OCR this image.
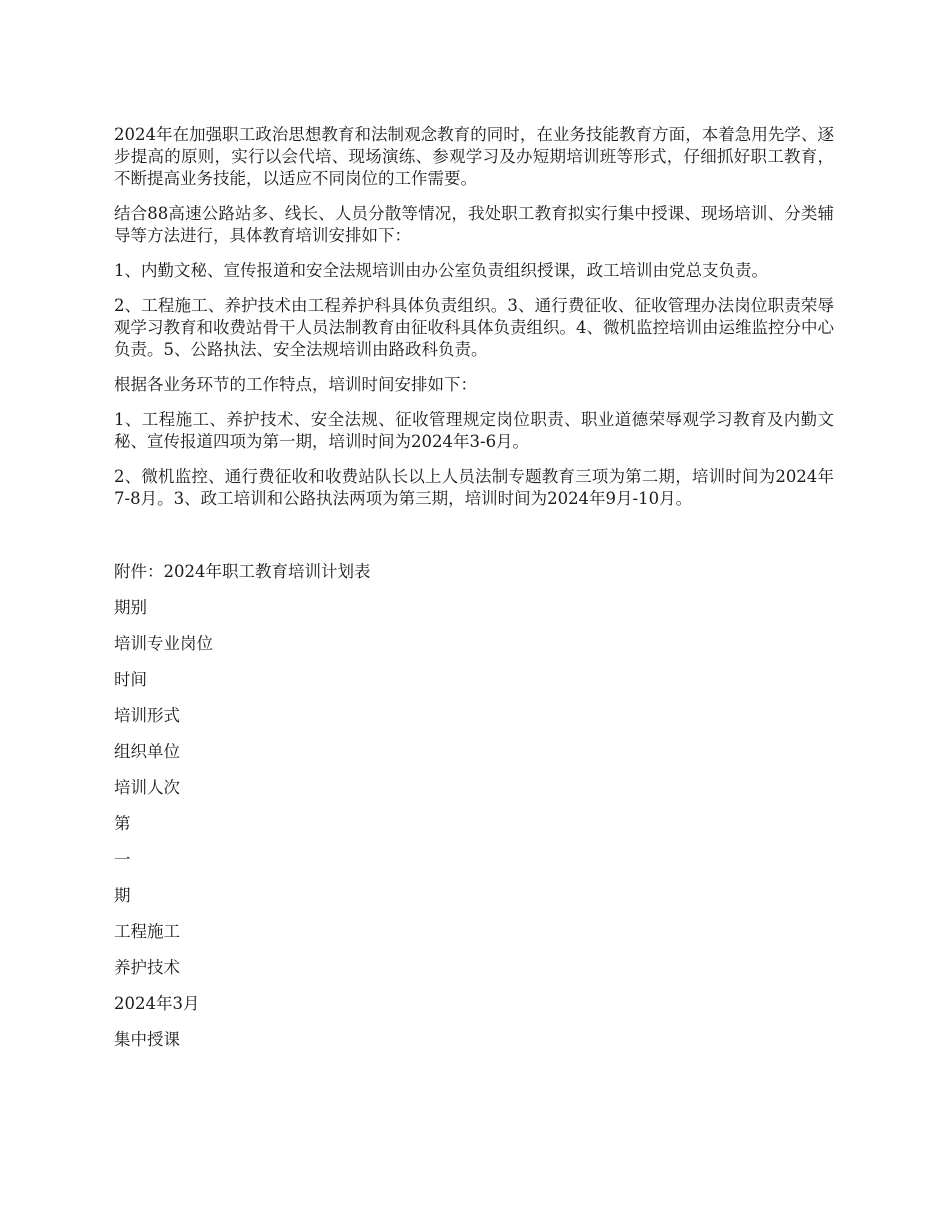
2024年在加强职工政治思想教育和法制观念教育的同时，在业务技能教育方面，本着急用先学、逐步提高的原则，实行以会代培、现场演练、参观学习及办短期培训班等形式，仔细抓好职工教育，不断提高业务技能，以适应不同岗位的工作需要。

结合88高速公路站多、线长、人员分散等情况，我处职工教育拟实行集中授课、现场培训、分类辅导等方法进行，具体教育培训安排如下：

1、内勤文秘、宣传报道和安全法规培训由办公室负责组织授课，政工培训由党总支负责。

2、工程施工、养护技术由工程养护科具体负责组织。3、通行费征收、征收管理办法岗位职责荣辱观学习教育和收费站骨干人员法制教育由征收科具体负责组织。4、微机监控培训由运维监控分中心负责。5、公路执法、安全法规培训由路政科负责。

根据各业务环节的工作特点，培训时间安排如下：

1、工程施工、养护技术、安全法规、征收管理规定岗位职责、职业道德荣辱观学习教育及内勤文秘、宣传报道四项为第一期，培训时间为2024年3-6月。

2、微机监控、通行费征收和收费站队长以上人员法制专题教育三项为第二期，培训时间为2024年7-8月。3、政工培训和公路执法两项为第三期，培训时间为2024年9月-10月。

附件：2024年职工教育培训计划表

期别

培训专业岗位

时间

培训形式

组织单位

培训人次

第

一

期

工程施工

养护技术

2024年3月

集中授课
